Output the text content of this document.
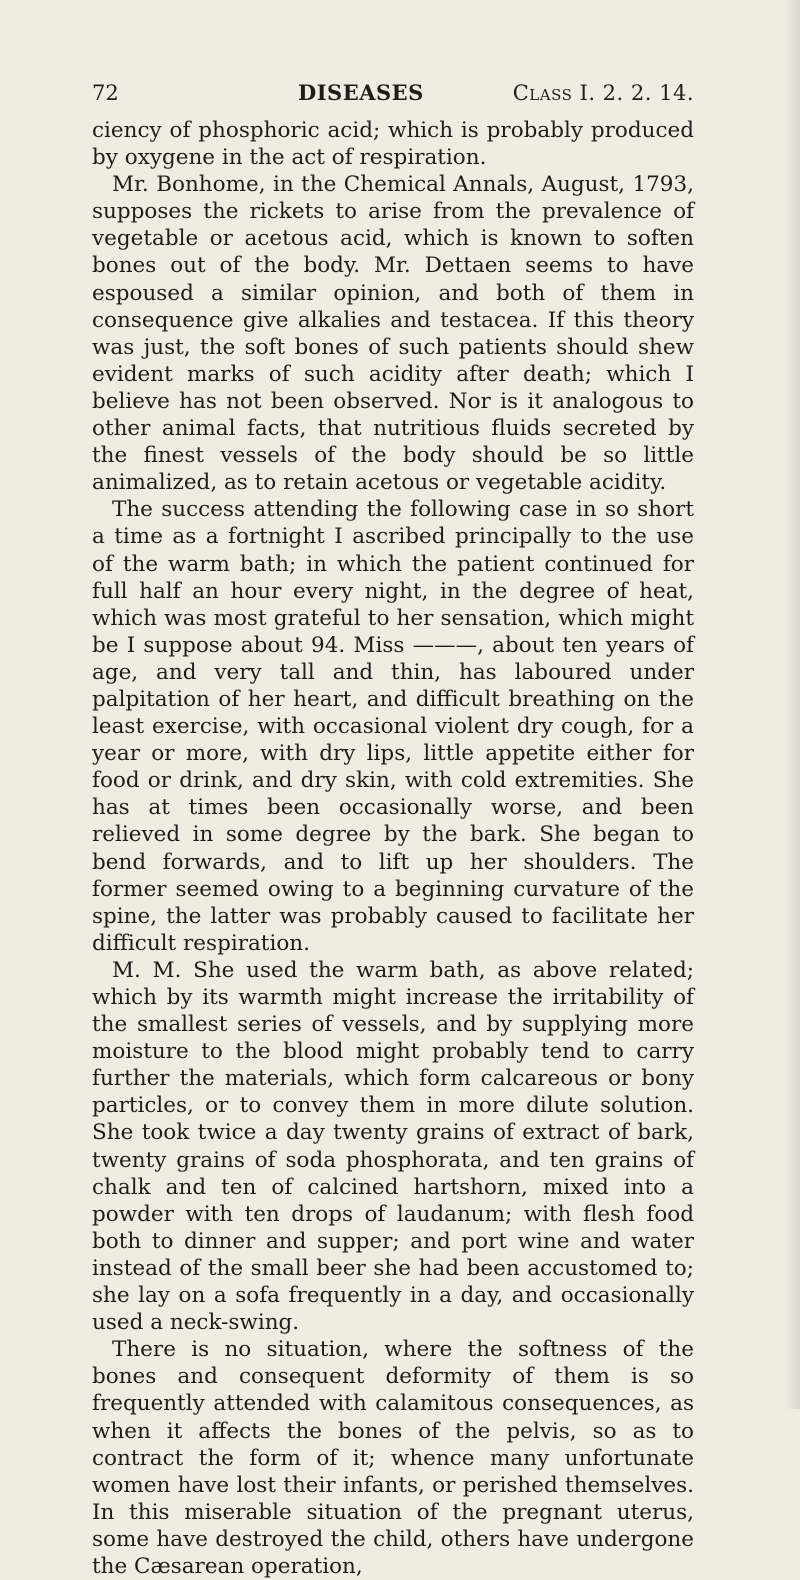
72	DISEASES	Class I. 2. 2. 14.

ciency of phosphoric acid; which is probably produced by oxygene in the act of respiration.

Mr. Bonhome, in the Chemical Annals, August, 1793, supposes the rickets to arise from the prevalence of vegetable or acetous acid, which is known to soften bones out of the body. Mr. Dettaen seems to have espoused a similar opinion, and both of them in consequence give alkalies and testacea. If this theory was just, the soft bones of such patients should shew evident marks of such acidity after death; which I believe has not been observed. Nor is it analogous to other animal facts, that nutritious fluids secreted by the finest vessels of the body should be so little animalized, as to retain acetous or vegetable acidity.

The success attending the following case in so short a time as a fortnight I ascribed principally to the use of the warm bath; in which the patient continued for full half an hour every night, in the degree of heat, which was most grateful to her sensation, which might be I suppose about 94. Miss ———, about ten years of age, and very tall and thin, has laboured under palpitation of her heart, and difficult breathing on the least exercise, with occasional violent dry cough, for a year or more, with dry lips, little appetite either for food or drink, and dry skin, with cold extremities. She has at times been occasionally worse, and been relieved in some degree by the bark. She began to bend forwards, and to lift up her shoulders. The former seemed owing to a beginning curvature of the spine, the latter was probably caused to facilitate her difficult respiration.

M. M. She used the warm bath, as above related; which by its warmth might increase the irritability of the smallest series of vessels, and by supplying more moisture to the blood might probably tend to carry further the materials, which form calcareous or bony particles, or to convey them in more dilute solution. She took twice a day twenty grains of extract of bark, twenty grains of soda phosphorata, and ten grains of chalk and ten of calcined hartshorn, mixed into a powder with ten drops of laudanum; with flesh food both to dinner and supper; and port wine and water instead of the small beer she had been accustomed to; she lay on a sofa frequently in a day, and occasionally used a neck-swing.

There is no situation, where the softness of the bones and consequent deformity of them is so frequently attended with calamitous consequences, as when it affects the bones of the pelvis, so as to contract the form of it; whence many unfortunate women have lost their infants, or perished themselves. In this miserable situation of the pregnant uterus, some have destroyed the child, others have undergone the Cæsarean operation,
